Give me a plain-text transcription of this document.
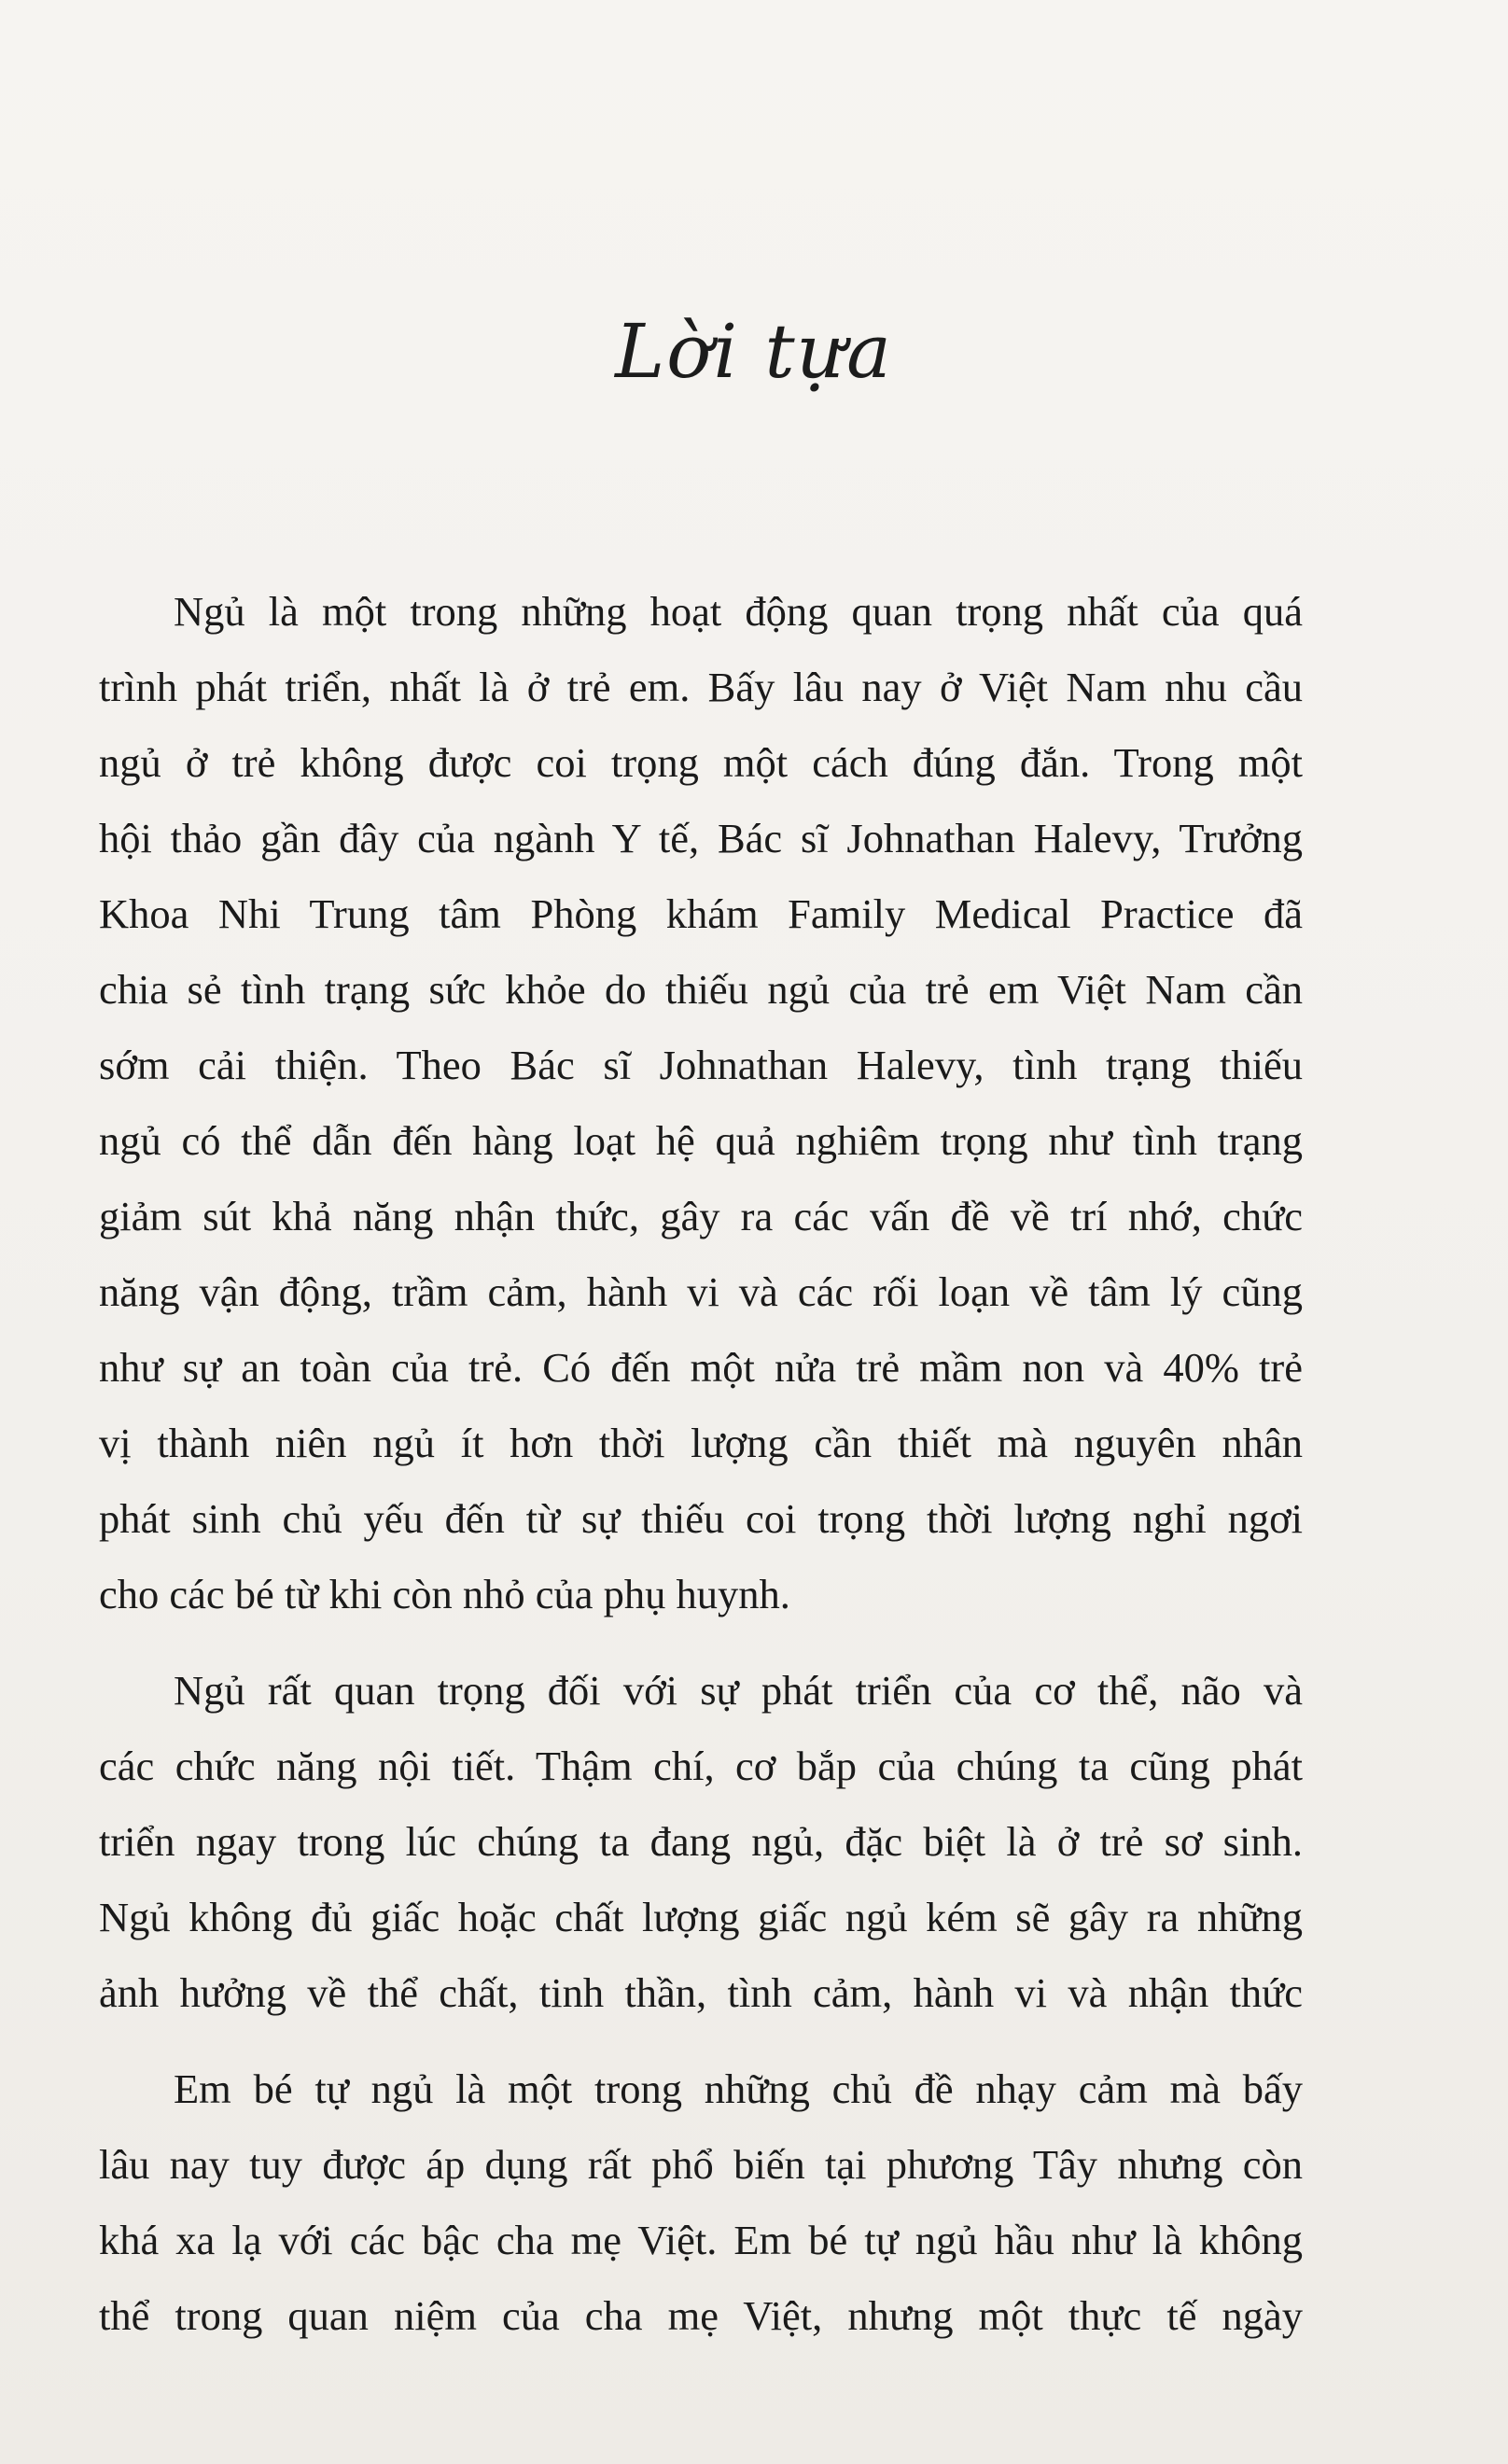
Lời tựa
Ngủ là một trong những hoạt động quan trọng nhất của quá
trình phát triển, nhất là ở trẻ em. Bấy lâu nay ở Việt Nam nhu cầu
ngủ ở trẻ không được coi trọng một cách đúng đắn. Trong một
hội thảo gần đây của ngành Y tế, Bác sĩ Johnathan Halevy, Trưởng
Khoa Nhi Trung tâm Phòng khám Family Medical Practice đã
chia sẻ tình trạng sức khỏe do thiếu ngủ của trẻ em Việt Nam cần
sớm cải thiện. Theo Bác sĩ Johnathan Halevy, tình trạng thiếu
ngủ có thể dẫn đến hàng loạt hệ quả nghiêm trọng như tình trạng
giảm sút khả năng nhận thức, gây ra các vấn đề về trí nhớ, chức
năng vận động, trầm cảm, hành vi và các rối loạn về tâm lý cũng
như sự an toàn của trẻ. Có đến một nửa trẻ mầm non và 40% trẻ
vị thành niên ngủ ít hơn thời lượng cần thiết mà nguyên nhân
phát sinh chủ yếu đến từ sự thiếu coi trọng thời lượng nghỉ ngơi
cho các bé từ khi còn nhỏ của phụ huynh.
Ngủ rất quan trọng đối với sự phát triển của cơ thể, não và
các chức năng nội tiết. Thậm chí, cơ bắp của chúng ta cũng phát
triển ngay trong lúc chúng ta đang ngủ, đặc biệt là ở trẻ sơ sinh.
Ngủ không đủ giấc hoặc chất lượng giấc ngủ kém sẽ gây ra những
ảnh hưởng về thể chất, tinh thần, tình cảm, hành vi và nhận thức
Em bé tự ngủ là một trong những chủ đề nhạy cảm mà bấy
lâu nay tuy được áp dụng rất phổ biến tại phương Tây nhưng còn
khá xa lạ với các bậc cha mẹ Việt. Em bé tự ngủ hầu như là không
thể trong quan niệm của cha mẹ Việt, nhưng một thực tế ngày
